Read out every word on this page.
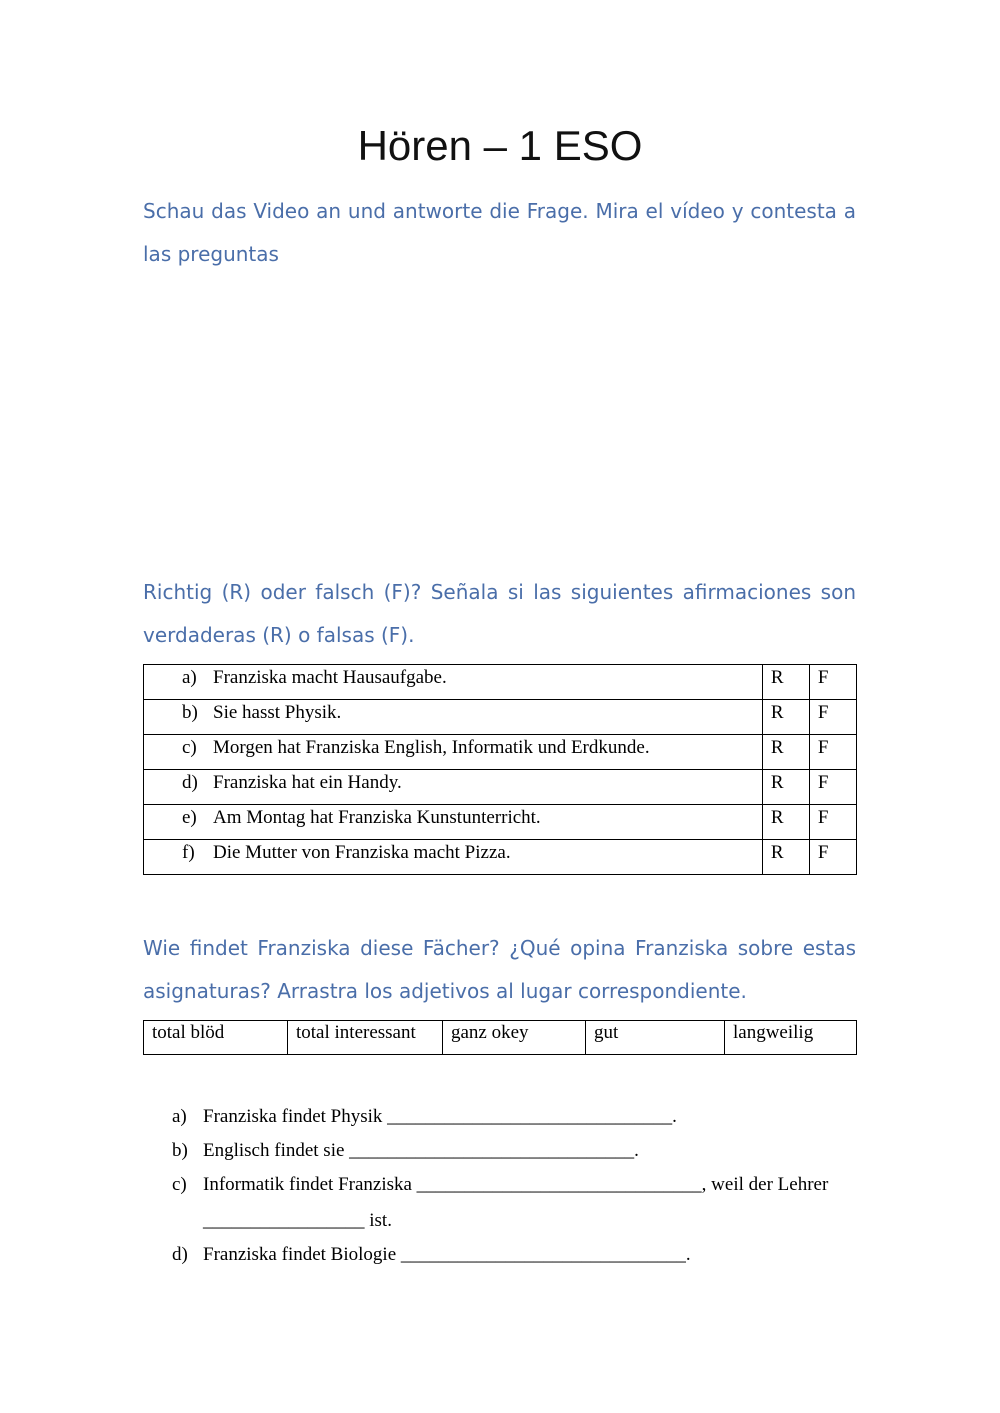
Hören – 1 ESO

Schau das Video an und antworte die Frage. Mira el vídeo y contesta a las preguntas

Richtig (R) oder falsch (F)? Señala si las siguientes afirmaciones son verdaderas (R) o falsas (F).

a) Franziska macht Hausaufgabe.	R	F

b) Sie hasst Physik.	R	F

c) Morgen hat Franziska English, Informatik und Erdkunde.	R	F

d) Franziska hat ein Handy.	R	F

e) Am Montag hat Franziska Kunstunterricht.	R	F

f) Die Mutter von Franziska macht Pizza.	R	F

Wie findet Franziska diese Fächer? ¿Qué opina Franziska sobre estas asignaturas? Arrastra los adjetivos al lugar correspondiente.

total blöd	total interessant	ganz okey	gut	langweilig
a) Franziska findet Physik ______________________________.
b) Englisch findet sie ______________________________.
c) Informatik findet Franziska ______________________________, weil der Lehrer
_________________ ist.
d) Franziska findet Biologie ______________________________.
